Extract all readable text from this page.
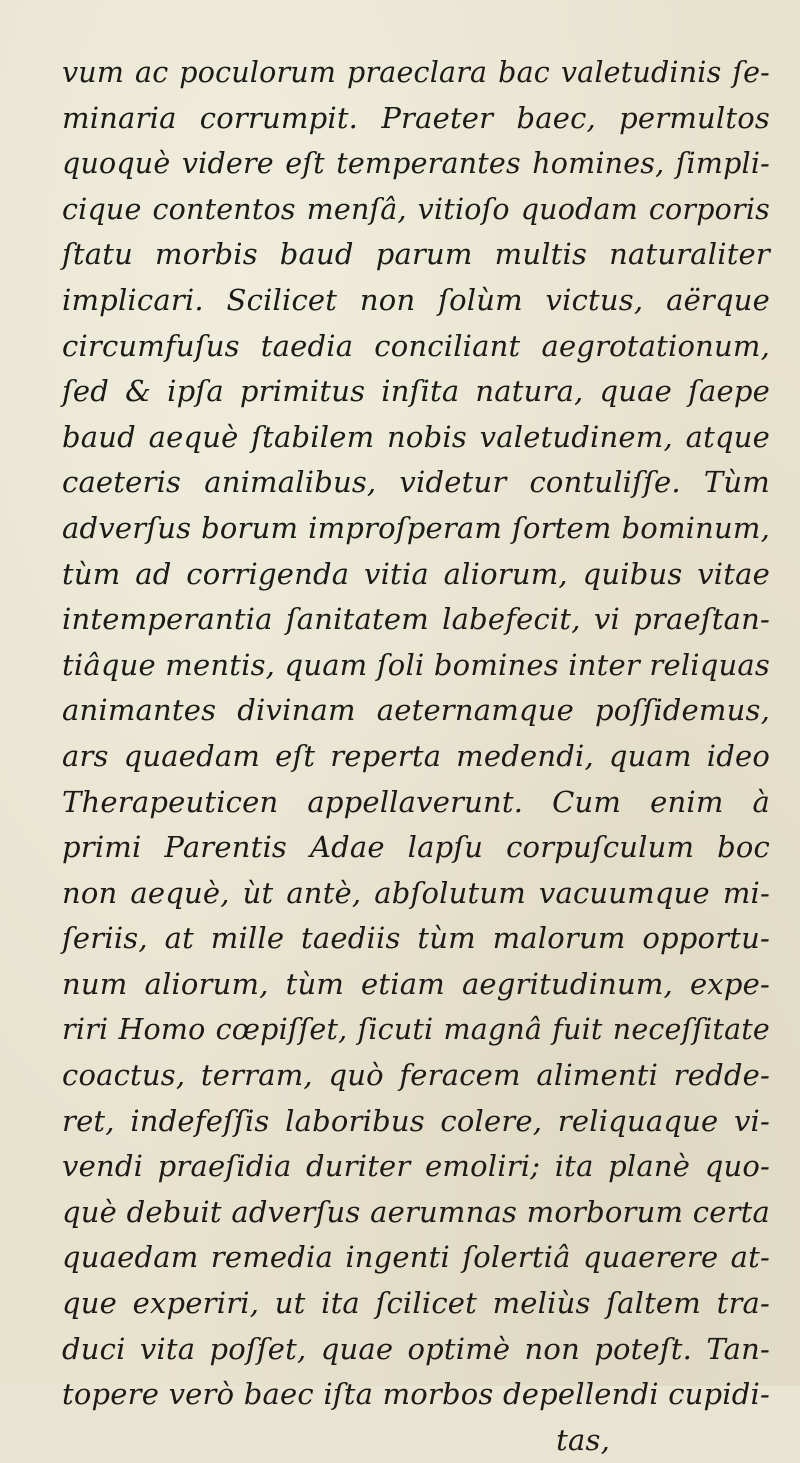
vum ac poculorum praeclara bac valetudinis ſe-
minaria corrumpit. Praeter baec, permultos
quoquè videre eſt temperantes homines, ſimpli-
cique contentos menſâ, vitioſo quodam corporis
ſtatu morbis baud parum multis naturaliter
implicari. Scilicet non ſolùm victus, aërque
circumfuſus taedia conciliant aegrotationum,
ſed & ipſa primitus inſita natura, quae ſaepe
baud aequè ſtabilem nobis valetudinem, atque
caeteris animalibus, videtur contuliſſe. Tùm
adverſus borum improſperam ſortem bominum,
tùm ad corrigenda vitia aliorum, quibus vitae
intemperantia ſanitatem labefecit, vi praeſtan-
tiâque mentis, quam ſoli bomines inter reliquas
animantes divinam aeternamque poſſidemus,
ars quaedam eſt reperta medendi, quam ideo
Therapeuticen appellaverunt. Cum enim à
primi Parentis Adae lapſu corpuſculum boc
non aequè, ùt antè, abſolutum vacuumque mi-
ſeriis, at mille taediis tùm malorum opportu-
num aliorum, tùm etiam aegritudinum, expe-
riri Homo cœpiſſet, ſicuti magnâ fuit neceſſitate
coactus, terram, quò feracem alimenti redde-
ret, indefeſſis laboribus colere, reliquaque vi-
vendi praeſidia duriter emoliri; ita planè quo-
què debuit adverſus aerumnas morborum certa
quaedam remedia ingenti ſolertiâ quaerere at-
que experiri, ut ita ſcilicet meliùs ſaltem tra-
duci vita poſſet, quae optimè non poteſt. Tan-
topere verò baec iſta morbos depellendi cupidi-
tas,
